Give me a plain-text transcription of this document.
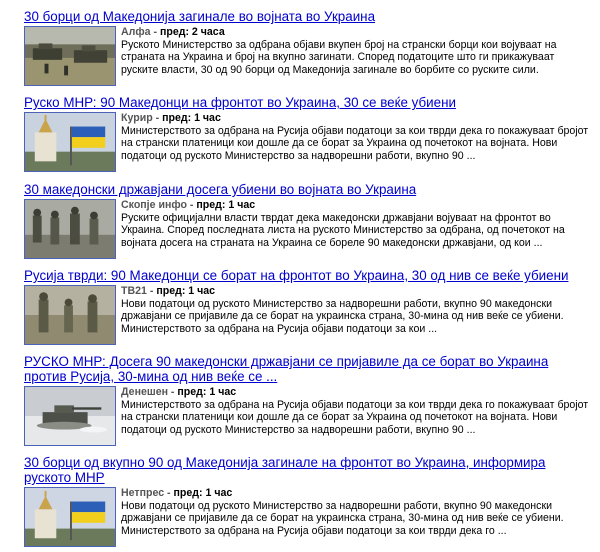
30 борци од Македонија загинале во војната во Украина
Алфа - пред: 2 часа
Руското Министерство за одбрана објави вкупен број на странски борци кои војуваат на страната на Украина и број на вкупно загинати. Според податоците што ги прикажуваат руските власти, 30 од 90 борци од Македонија загинале во борбите со руските сили.
Руско МНР: 90 Македонци на фронтот во Украина, 30 се веќе убиени
Курир - пред: 1 час
Министерството за одбрана на Русија објави податоци за кои тврди дека го покажуваат бројот на странски платеници кои дошле да се борат за Украина од почетокот на војната. Нови податоци од руското Министерство за надворешни работи, вкупно 90 ...
30 македонски државјани досега убиени во војната во Украина
Скопје инфо - пред: 1 час
Руските официјални власти тврдат дека македонски државјани војуваат на фронтот во Украина. Според последната листа на руското Министерство за одбрана, од почетокот на војната досега на страната на Украина се бореле 90 македонски државјани, од кои ...
Русија тврди: 90 Македонци се борат на фронтот во Украина, 30 од нив се веќе убиени
ТВ21 - пред: 1 час
Нови податоци од руското Министерство за надворешни работи, вкупно 90 македонски државјани се пријавиле да се борат на украинска страна, 30-мина од нив веќе се убиени. Министерството за одбрана на Русија објави податоци за кои ...
РУСКО МНР: Досега 90 македонски државјани се пријавиле да се борат во Украина против Русија, 30-мина од нив веќе се ...
Денешен - пред: 1 час
Министерството за одбрана на Русија објави податоци за кои тврди дека го покажуваат бројот на странски платеници кои дошле да се борат за Украина од почетокот на војната. Нови податоци од руското Министерство за надворешни работи, вкупно 90 ...
30 борци од вкупно 90 од Македонија загинале на фронтот во Украина, информира руското МНР
Нетпрес - пред: 1 час
Нови податоци од руското Министерство за надворешни работи, вкупно 90 македонски државјани се пријавиле да се борат на украинска страна, 30-мина од нив веќе се убиени. Министерството за одбрана на Русија објави податоци за кои тврди дека го ...
